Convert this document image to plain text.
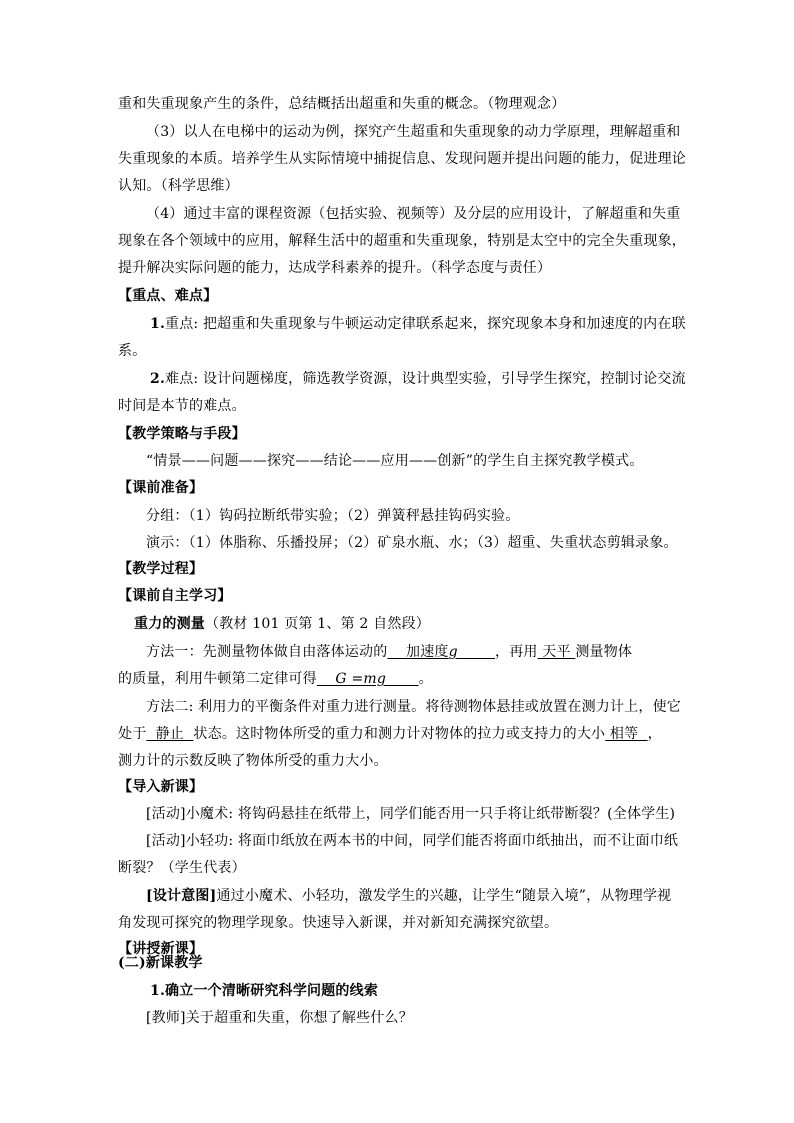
重和失重现象产生的条件，总结概括出超重和失重的概念。（物理观念）
（3）以人在电梯中的运动为例，探究产生超重和失重现象的动力学原理，理解超重和
失重现象的本质。培养学生从实际情境中捕捉信息、发现问题并提出问题的能力，促进理论
认知。（科学思维）
（4）通过丰富的课程资源（包括实验、视频等）及分层的应用设计，了解超重和失重
现象在各个领域中的应用，解释生活中的超重和失重现象，特别是太空中的完全失重现象，
提升解决实际问题的能力，达成学科素养的提升。（科学态度与责任）
【重点、难点】
1.重点: 把超重和失重现象与牛顿运动定律联系起来，探究现象本身和加速度的内在联
系。
2.难点: 设计问题梯度，筛选教学资源，设计典型实验，引导学生探究，控制讨论交流
时间是本节的难点。
【教学策略与手段】
“情景——问题——探究——结论——应用——创新”的学生自主探究教学模式。
【课前准备】
分组：（1）钩码拉断纸带实验；（2）弹簧秤悬挂钩码实验。
演示：（1）体脂称、乐播投屏；（2）矿泉水瓶、水；（3）超重、失重状态剪辑录象。
【教学过程】
【课前自主学习】
重力的测量（教材 101 页第 1、第 2 自然段）
方法一：先测量物体做自由落体运动的 加速度g	，再用 天平 测量物体
的质量，利用牛顿第二定律可得 G =mg 。
方法二: 利用力的平衡条件对重力进行测量。将待测物体悬挂或放置在测力计上，使它
处于  静止  状态。这时物体所受的重力和测力计对物体的拉力或支持力的大小 相等  ，
测力计的示数反映了物体所受的重力大小。
【导入新课】
[活动]小魔术: 将钩码悬挂在纸带上，同学们能否用一只手将让纸带断裂？(全体学生)
[活动]小轻功: 将面巾纸放在两本书的中间，同学们能否将面巾纸抽出，而不让面巾纸
断裂？（学生代表）
[设计意图]通过小魔术、小轻功，激发学生的兴趣，让学生“随景入境”，从物理学视
角发现可探究的物理学现象。快速导入新课，并对新知充满探究欲望。
【讲授新课】
(二)新课教学
1.确立一个清晰研究科学问题的线索
[教师]关于超重和失重，你想了解些什么？
